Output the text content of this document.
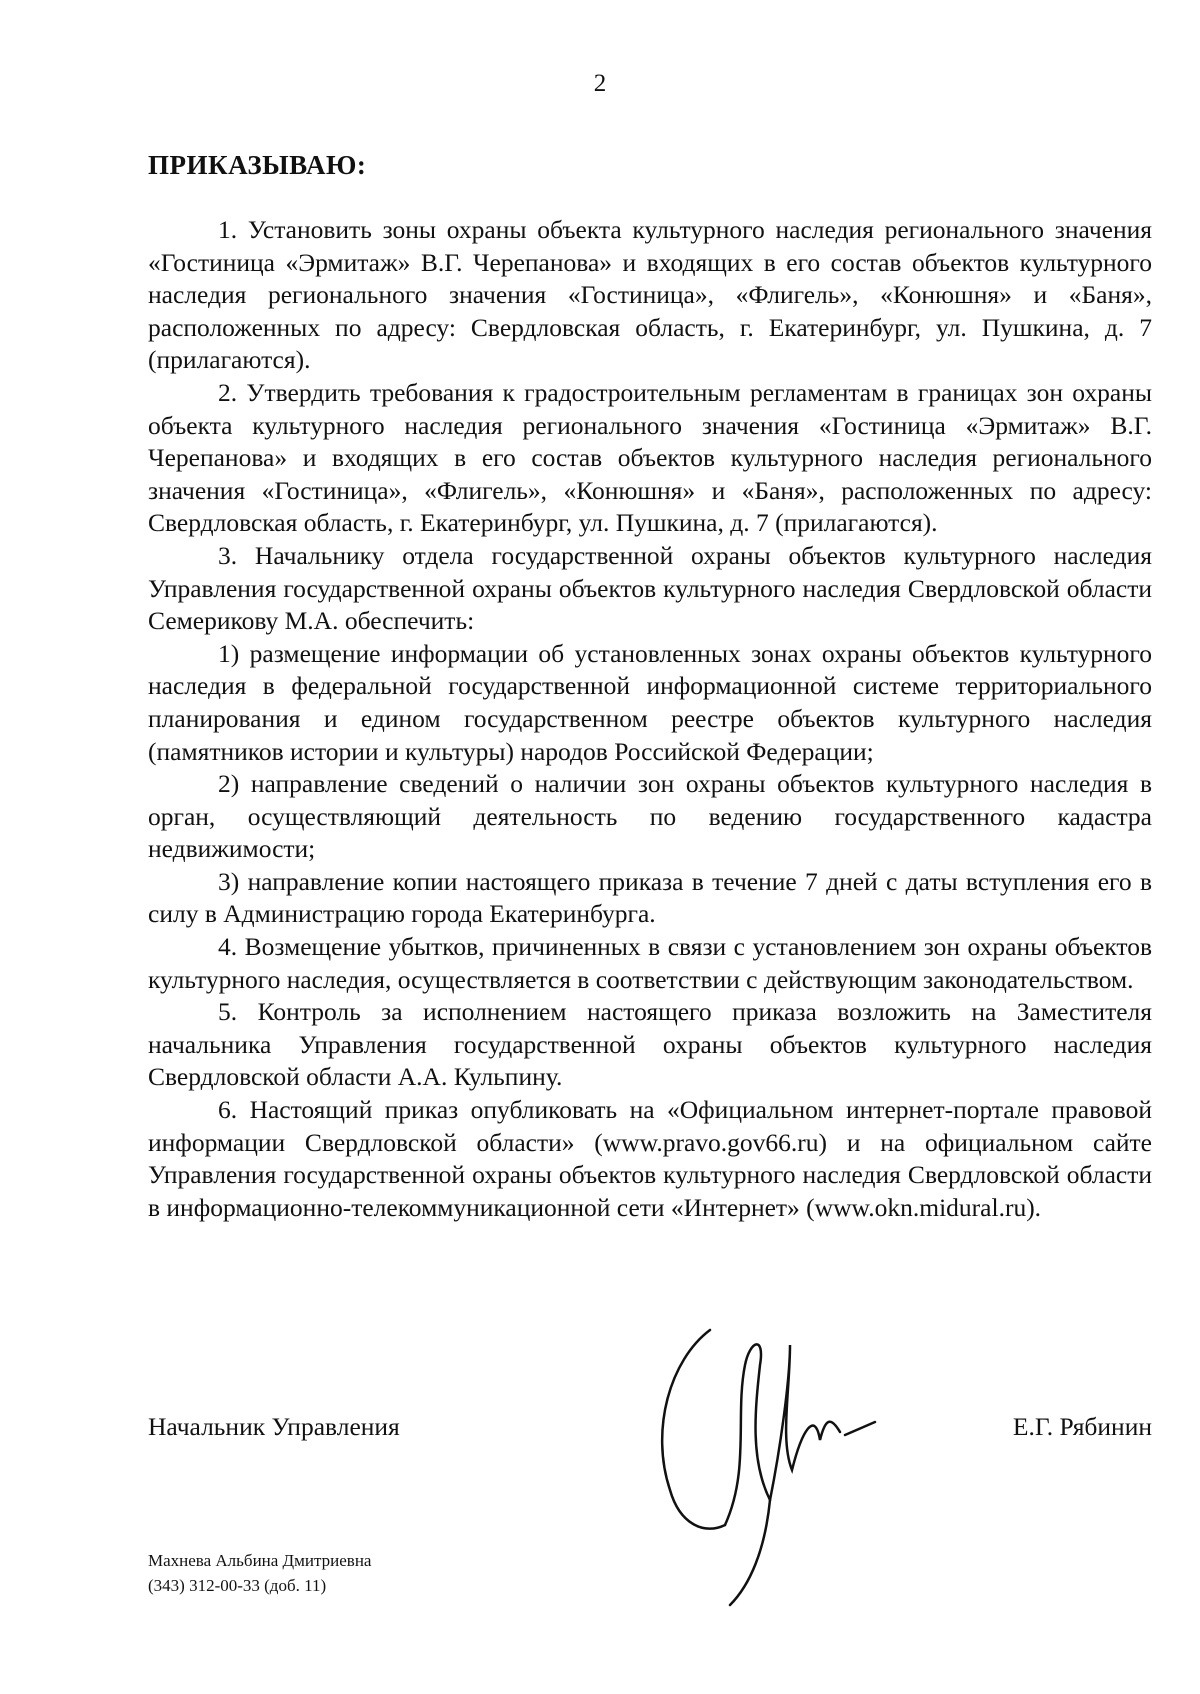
2
ПРИКАЗЫВАЮ:

1. Установить зоны охраны объекта культурного наследия регионального значения «Гостиница «Эрмитаж» В.Г. Черепанова» и входящих в его состав объектов культурного наследия регионального значения «Гостиница», «Флигель», «Конюшня» и «Баня», расположенных по адресу: Свердловская область, г. Екатеринбург, ул. Пушкина, д. 7 (прилагаются).

2. Утвердить требования к градостроительным регламентам в границах зон охраны объекта культурного наследия регионального значения «Гостиница «Эрмитаж» В.Г. Черепанова» и входящих в его состав объектов культурного наследия регионального значения «Гостиница», «Флигель», «Конюшня» и «Баня», расположенных по адресу: Свердловская область, г. Екатеринбург, ул. Пушкина, д. 7 (прилагаются).

3. Начальнику отдела государственной охраны объектов культурного наследия Управления государственной охраны объектов культурного наследия Свердловской области Семерикову М.А. обеспечить:

1) размещение информации об установленных зонах охраны объектов культурного наследия в федеральной государственной информационной системе территориального планирования и едином государственном реестре объектов культурного наследия (памятников истории и культуры) народов Российской Федерации;

2) направление сведений о наличии зон охраны объектов культурного наследия в орган, осуществляющий деятельность по ведению государственного кадастра недвижимости;

3) направление копии настоящего приказа в течение 7 дней с даты вступления его в силу в Администрацию города Екатеринбурга.

4. Возмещение убытков, причиненных в связи с установлением зон охраны объектов культурного наследия, осуществляется в соответствии с действующим законодательством.

5. Контроль за исполнением настоящего приказа возложить на Заместителя начальника Управления государственной охраны объектов культурного наследия Свердловской области А.А. Кульпину.

6. Настоящий приказ опубликовать на «Официальном интернет-портале правовой информации Свердловской области» (www.pravo.gov66.ru) и на официальном сайте Управления государственной охраны объектов культурного наследия Свердловской области в информационно-телекоммуникационной сети «Интернет» (www.okn.midural.ru).

Начальник Управления	Е.Г. Рябинин
Махнева Альбина Дмитриевна
(343) 312-00-33 (доб. 11)
